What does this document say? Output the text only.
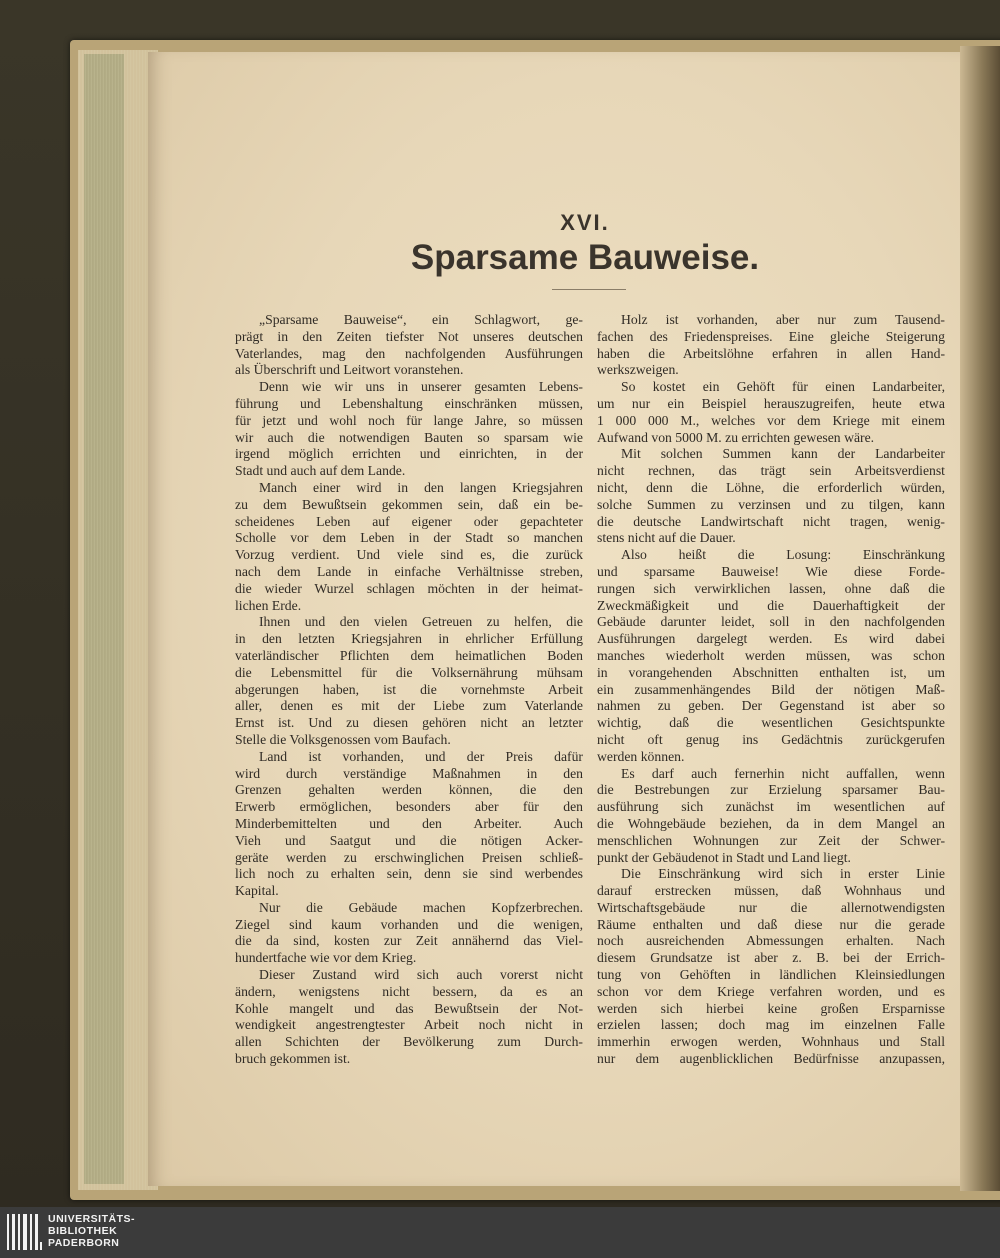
XVI.
Sparsame Bauweise.
„Sparsame Bauweise“, ein Schlagwort, ge-
prägt in den Zeiten tiefster Not unseres deutschen
Vaterlandes, mag den nachfolgenden Ausführungen
als Überschrift und Leitwort voranstehen.
Denn wie wir uns in unserer gesamten Lebens-
führung und Lebenshaltung einschränken müssen,
für jetzt und wohl noch für lange Jahre, so müssen
wir auch die notwendigen Bauten so sparsam wie
irgend möglich errichten und einrichten, in der
Stadt und auch auf dem Lande.
Manch einer wird in den langen Kriegsjahren
zu dem Bewußtsein gekommen sein, daß ein be-
scheidenes Leben auf eigener oder gepachteter
Scholle vor dem Leben in der Stadt so manchen
Vorzug verdient. Und viele sind es, die zurück
nach dem Lande in einfache Verhältnisse streben,
die wieder Wurzel schlagen möchten in der heimat-
lichen Erde.
Ihnen und den vielen Getreuen zu helfen, die
in den letzten Kriegsjahren in ehrlicher Erfüllung
vaterländischer Pflichten dem heimatlichen Boden
die Lebensmittel für die Volksernährung mühsam
abgerungen haben, ist die vornehmste Arbeit
aller, denen es mit der Liebe zum Vaterlande
Ernst ist. Und zu diesen gehören nicht an letzter
Stelle die Volksgenossen vom Baufach.
Land ist vorhanden, und der Preis dafür
wird durch verständige Maßnahmen in den
Grenzen gehalten werden können, die den
Erwerb ermöglichen, besonders aber für den
Minderbemittelten und den Arbeiter. Auch
Vieh und Saatgut und die nötigen Acker-
geräte werden zu erschwinglichen Preisen schließ-
lich noch zu erhalten sein, denn sie sind werbendes
Kapital.
Nur die Gebäude machen Kopfzerbrechen.
Ziegel sind kaum vorhanden und die wenigen,
die da sind, kosten zur Zeit annähernd das Viel-
hundertfache wie vor dem Krieg.
Dieser Zustand wird sich auch vorerst nicht
ändern, wenigstens nicht bessern, da es an
Kohle mangelt und das Bewußtsein der Not-
wendigkeit angestrengtester Arbeit noch nicht in
allen Schichten der Bevölkerung zum Durch-
bruch gekommen ist.
Holz ist vorhanden, aber nur zum Tausend-
fachen des Friedenspreises. Eine gleiche Steigerung
haben die Arbeitslöhne erfahren in allen Hand-
werkszweigen.
So kostet ein Gehöft für einen Landarbeiter,
um nur ein Beispiel herauszugreifen, heute etwa
1 000 000 M., welches vor dem Kriege mit einem
Aufwand von 5000 M. zu errichten gewesen wäre.
Mit solchen Summen kann der Landarbeiter
nicht rechnen, das trägt sein Arbeitsverdienst
nicht, denn die Löhne, die erforderlich würden,
solche Summen zu verzinsen und zu tilgen, kann
die deutsche Landwirtschaft nicht tragen, wenig-
stens nicht auf die Dauer.
Also heißt die Losung: Einschränkung
und sparsame Bauweise! Wie diese Forde-
rungen sich verwirklichen lassen, ohne daß die
Zweckmäßigkeit und die Dauerhaftigkeit der
Gebäude darunter leidet, soll in den nachfolgenden
Ausführungen dargelegt werden. Es wird dabei
manches wiederholt werden müssen, was schon
in vorangehenden Abschnitten enthalten ist, um
ein zusammenhängendes Bild der nötigen Maß-
nahmen zu geben. Der Gegenstand ist aber so
wichtig, daß die wesentlichen Gesichtspunkte
nicht oft genug ins Gedächtnis zurückgerufen
werden können.
Es darf auch fernerhin nicht auffallen, wenn
die Bestrebungen zur Erzielung sparsamer Bau-
ausführung sich zunächst im wesentlichen auf
die Wohngebäude beziehen, da in dem Mangel an
menschlichen Wohnungen zur Zeit der Schwer-
punkt der Gebäudenot in Stadt und Land liegt.
Die Einschränkung wird sich in erster Linie
darauf erstrecken müssen, daß Wohnhaus und
Wirtschaftsgebäude nur die allernotwendigsten
Räume enthalten und daß diese nur die gerade
noch ausreichenden Abmessungen erhalten. Nach
diesem Grundsatze ist aber z. B. bei der Errich-
tung von Gehöften in ländlichen Kleinsiedlungen
schon vor dem Kriege verfahren worden, und es
werden sich hierbei keine großen Ersparnisse
erzielen lassen; doch mag im einzelnen Falle
immerhin erwogen werden, Wohnhaus und Stall
nur dem augenblicklichen Bedürfnisse anzupassen,
UNIVERSITÄTS-
BIBLIOTHEK
PADERBORN
